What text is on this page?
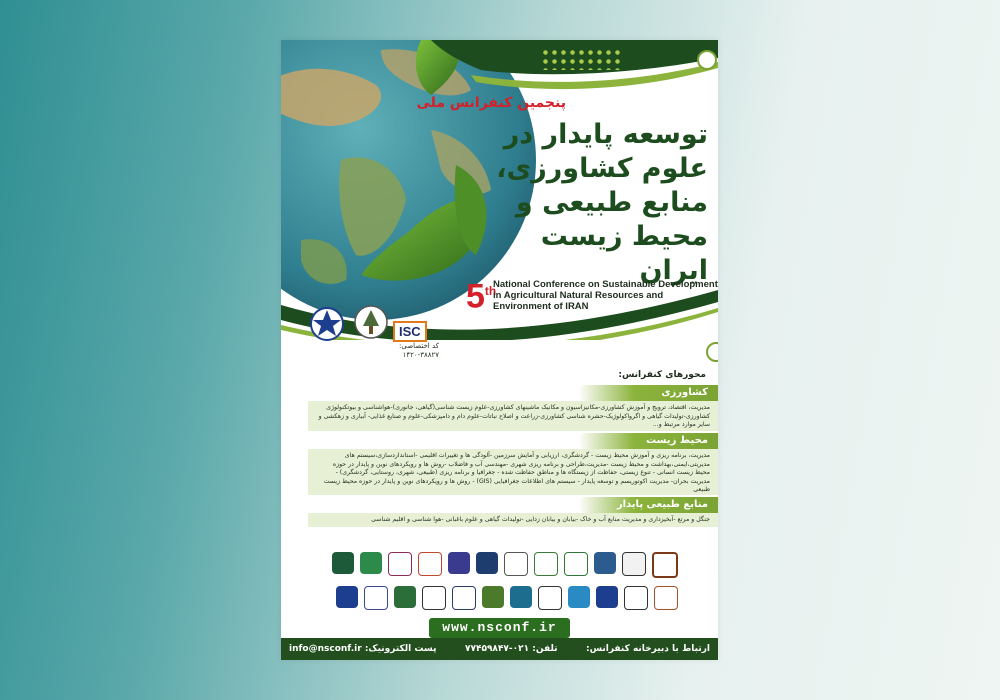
پنجمین کنفرانس ملی
توسعه پایدار در
علوم کشاورزی،
منابع طبیعی و
محیط زیست ایران
5th
National Conference on Sustainable Development in Agricultural Natural Resources and Environment of IRAN
ISC
کد اختصاصی:
۱۴۲۰-۳۸۸۲۷
محورهای کنفرانس:
کشاورزی
مدیریت، اقتصاد، ترویج و آموزش کشاورزی-مکانیزاسیون و مکانیک ماشینهای کشاورزی-علوم زیست شناسی(گیاهی، جانوری)-هواشناسی و بیوتکنولوژی کشاورزی-تولیدات گیاهی و اگرواکولوژیک-حشره شناسی کشاورزی-زراعت و اصلاح نباتات-علوم دام و دامپزشکی-علوم و صنایع غذایی- آبیاری و زهکشی و سایر موارد مرتبط و...
محیط زیست
مدیریت، برنامه ریزی و آموزش محیط زیست - گردشگری، ارزیابی و آمایش سرزمین -آلودگی ها و تغییرات اقلیمی -استانداردسازی،سیستم های مدیریتی،ایمنی،بهداشت و محیط زیست -مدیریت،طراحی و برنامه ریزی شهری -مهندسی آب و فاضلاب -روش ها و رویکردهای نوین و پایدار در حوزه محیط زیست انسانی - تنوع زیستی، حفاظت از زیستگاه ها و مناطق حفاظت شده - جغرافیا و برنامه ریزی (طبیعی، شهری، روستایی، گردشگری) - مدیریت بحران- مدیریت اکوتوریسم و توسعه پایدار - سیستم های اطلاعات جغرافیایی (GIS) - روش ها و رویکردهای نوین و پایدار در حوزه محیط زیست طبیعی
منابع طبیعی پایدار
جنگل و مرتع -آبخیزداری و مدیریت منابع آب و خاک -بیابان و بیابان زدایی -تولیدات گیاهی و علوم باغبانی -هوا شناسی و اقلیم شناسی
www.nsconf.ir
ارتباط با دبیرخانه کنفرانس:
تلفن: ۰۲۱-۷۷۴۵۹۸۴۷
پست الکترونیک: info@nsconf.ir
